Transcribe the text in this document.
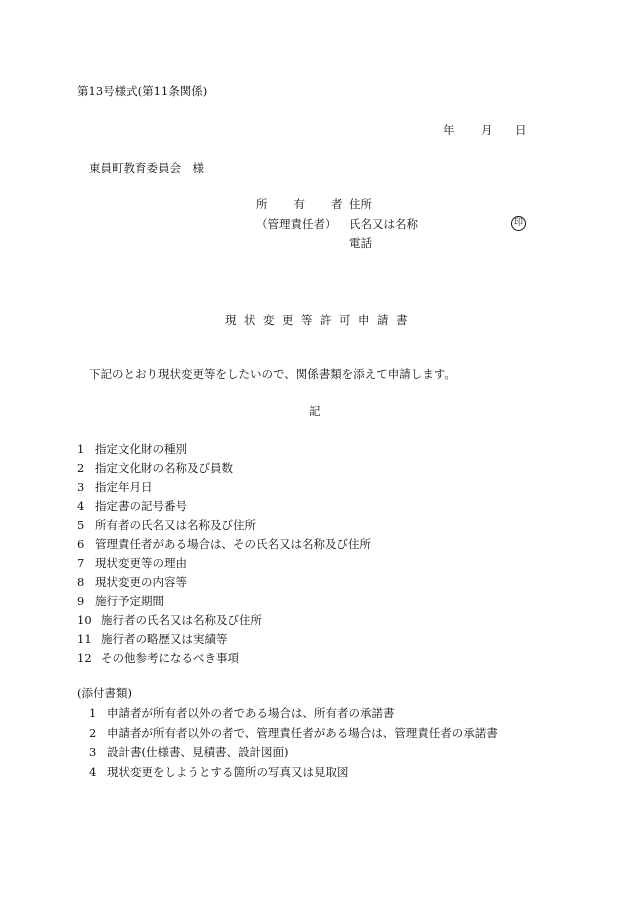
第13号様式(第11条関係)
年 月 日
東員町教育委員会　様
所 有 者
（管理責任者）
住所
氏名又は名称	印
電話
現状変更等許可申請書
下記のとおり現状変更等をしたいので、関係書類を添えて申請します。
記
1 指定文化財の種別
2 指定文化財の名称及び員数
3 指定年月日
4 指定書の記号番号
5 所有者の氏名又は名称及び住所
6 管理責任者がある場合は、その氏名又は名称及び住所
7 現状変更等の理由
8 現状変更の内容等
9 施行予定期間
10 施行者の氏名又は名称及び住所
11 施行者の略歴又は実績等
12 その他参考になるべき事項
(添付書類)
1 申請者が所有者以外の者である場合は、所有者の承諾書
2 申請者が所有者以外の者で、管理責任者がある場合は、管理責任者の承諾書
3 設計書(仕様書、見積書、設計図面)
4 現状変更をしようとする箇所の写真又は見取図
